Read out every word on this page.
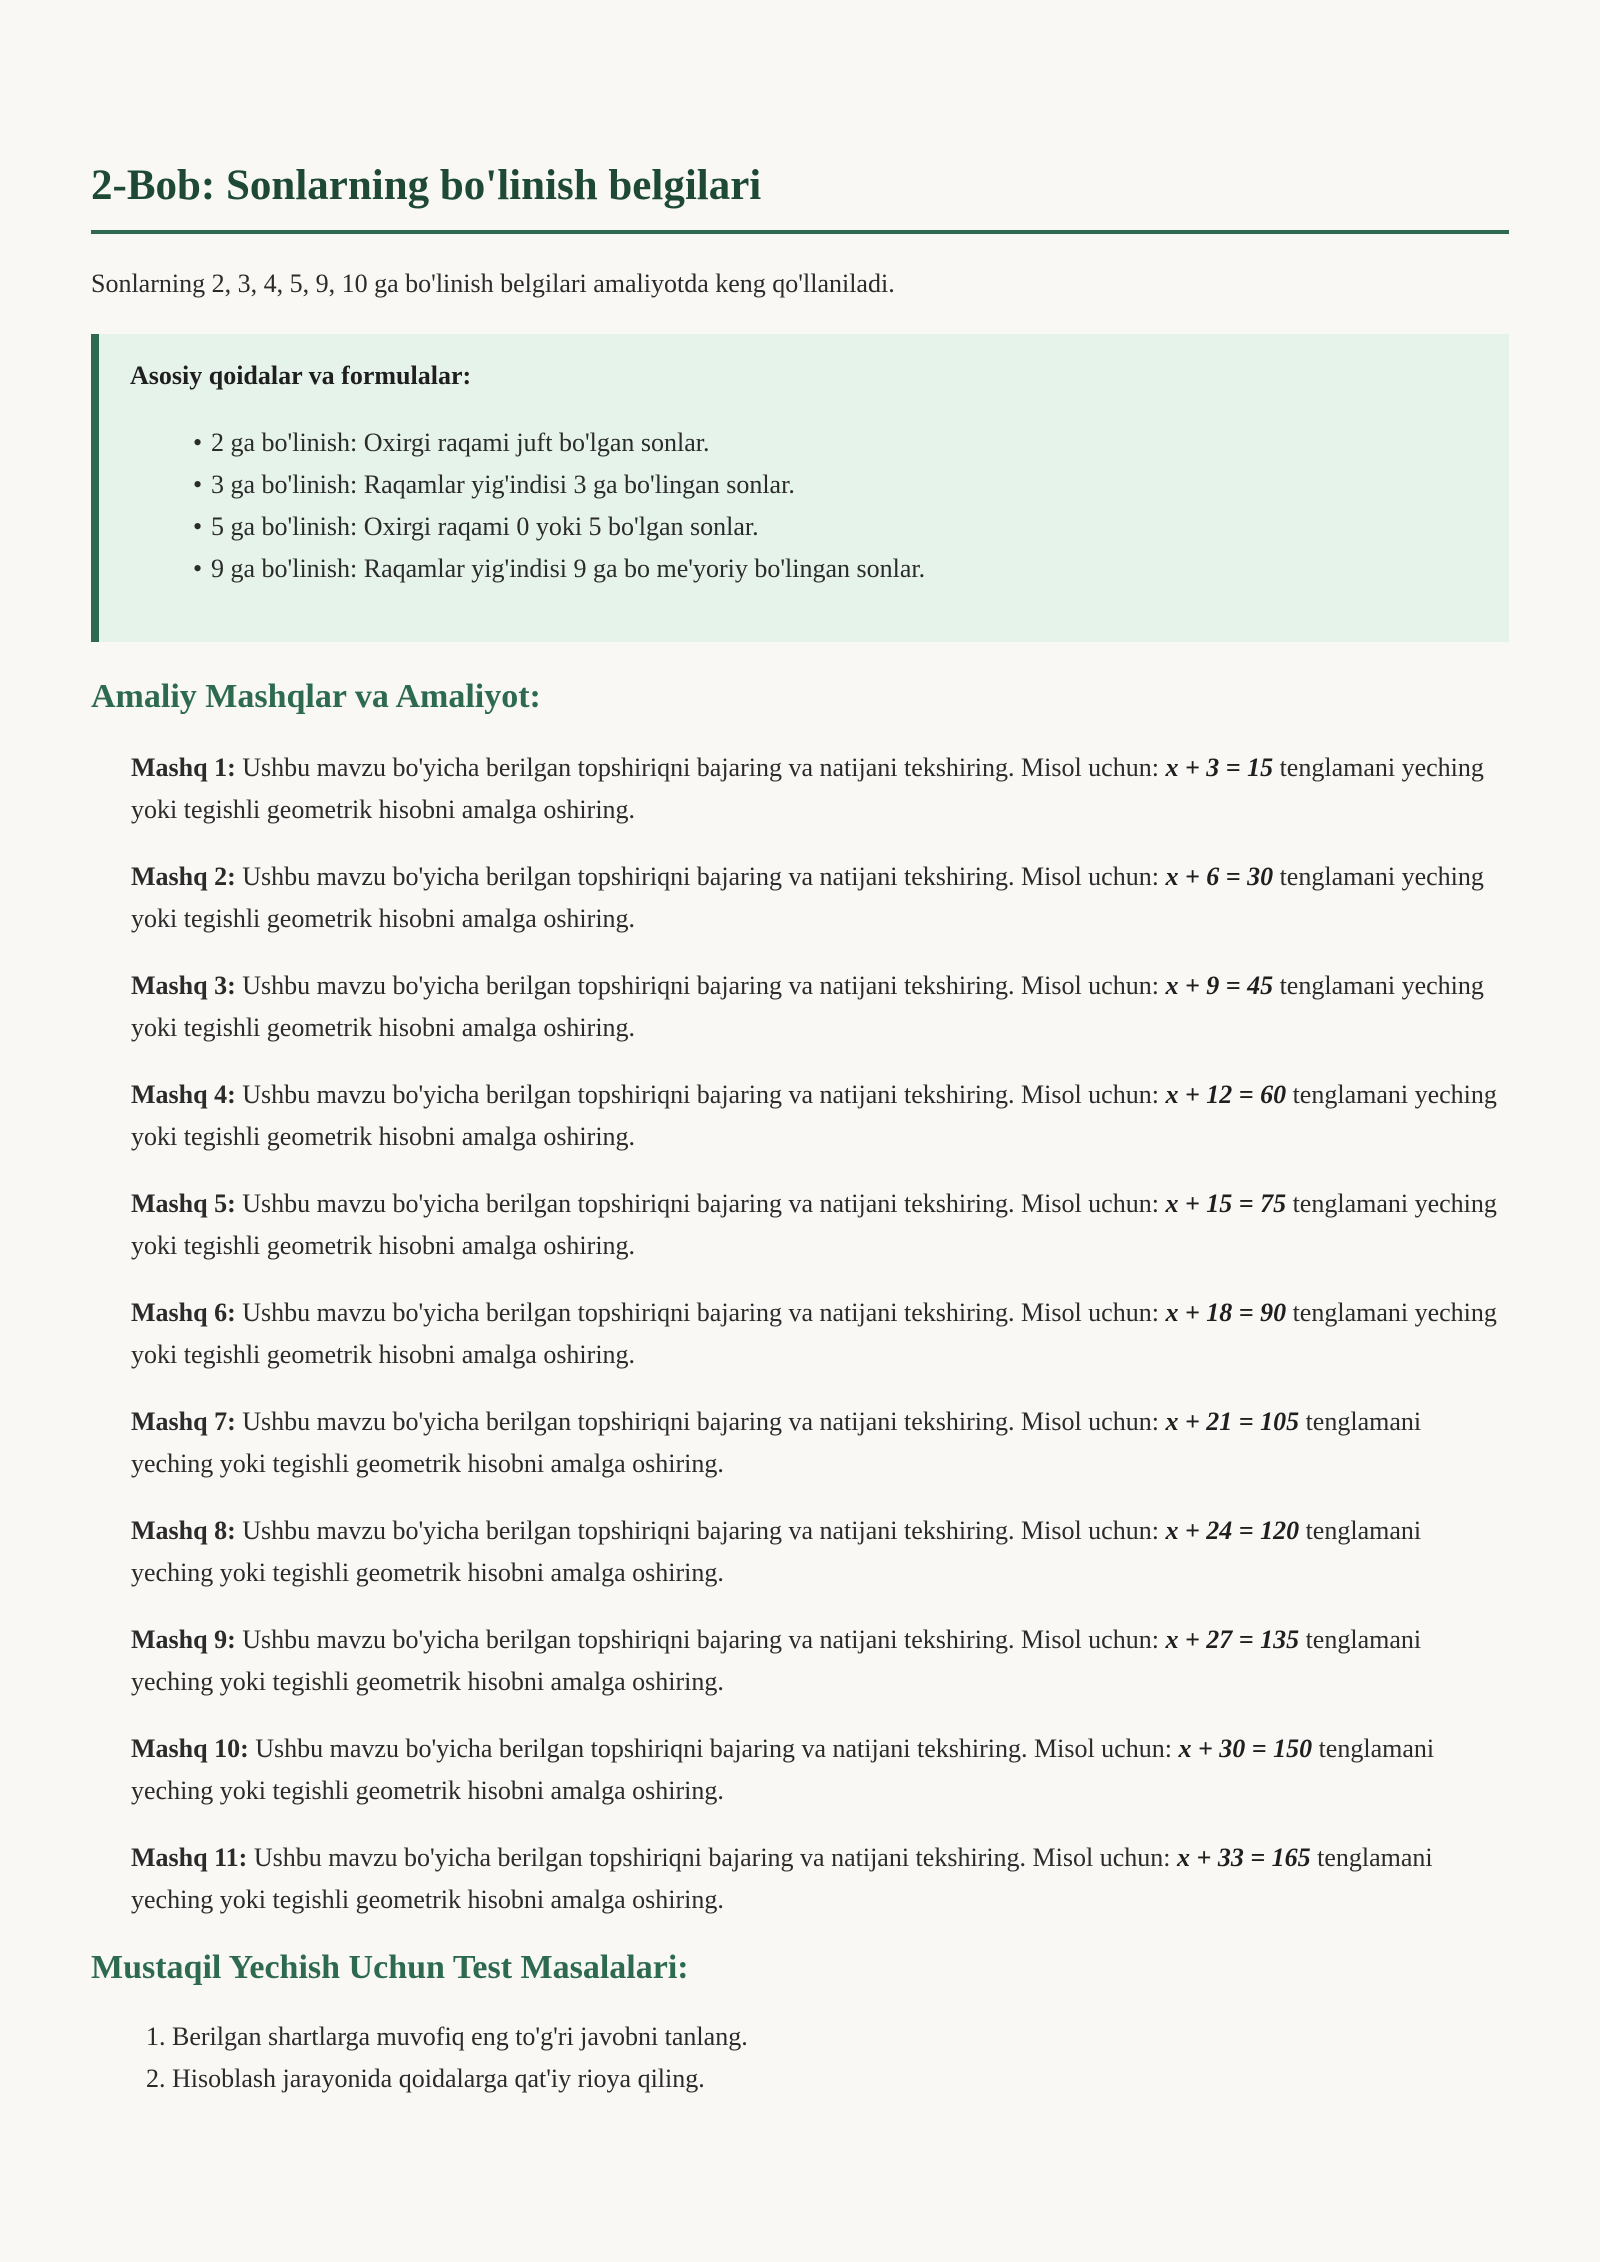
2-Bob: Sonlarning bo'linish belgilari

Sonlarning 2, 3, 4, 5, 9, 10 ga bo'linish belgilari amaliyotda keng qo'llaniladi.

Asosiy qoidalar va formulalar:

• 2 ga bo'linish: Oxirgi raqami juft bo'lgan sonlar.
• 3 ga bo'linish: Raqamlar yig'indisi 3 ga bo'lingan sonlar.
• 5 ga bo'linish: Oxirgi raqami 0 yoki 5 bo'lgan sonlar.
• 9 ga bo'linish: Raqamlar yig'indisi 9 ga bo me'yoriy bo'lingan sonlar.
Amaliy Mashqlar va Amaliyot:

Mashq 1: Ushbu mavzu bo'yicha berilgan topshiriqni bajaring va natijani tekshiring. Misol uchun: x + 3 = 15 tenglamani yeching yoki tegishli geometrik hisobni amalga oshiring.

Mashq 2: Ushbu mavzu bo'yicha berilgan topshiriqni bajaring va natijani tekshiring. Misol uchun: x + 6 = 30 tenglamani yeching yoki tegishli geometrik hisobni amalga oshiring.

Mashq 3: Ushbu mavzu bo'yicha berilgan topshiriqni bajaring va natijani tekshiring. Misol uchun: x + 9 = 45 tenglamani yeching yoki tegishli geometrik hisobni amalga oshiring.

Mashq 4: Ushbu mavzu bo'yicha berilgan topshiriqni bajaring va natijani tekshiring. Misol uchun: x + 12 = 60 tenglamani yeching yoki tegishli geometrik hisobni amalga oshiring.

Mashq 5: Ushbu mavzu bo'yicha berilgan topshiriqni bajaring va natijani tekshiring. Misol uchun: x + 15 = 75 tenglamani yeching yoki tegishli geometrik hisobni amalga oshiring.

Mashq 6: Ushbu mavzu bo'yicha berilgan topshiriqni bajaring va natijani tekshiring. Misol uchun: x + 18 = 90 tenglamani yeching yoki tegishli geometrik hisobni amalga oshiring.

Mashq 7: Ushbu mavzu bo'yicha berilgan topshiriqni bajaring va natijani tekshiring. Misol uchun: x + 21 = 105 tenglamani yeching yoki tegishli geometrik hisobni amalga oshiring.

Mashq 8: Ushbu mavzu bo'yicha berilgan topshiriqni bajaring va natijani tekshiring. Misol uchun: x + 24 = 120 tenglamani yeching yoki tegishli geometrik hisobni amalga oshiring.

Mashq 9: Ushbu mavzu bo'yicha berilgan topshiriqni bajaring va natijani tekshiring. Misol uchun: x + 27 = 135 tenglamani yeching yoki tegishli geometrik hisobni amalga oshiring.

Mashq 10: Ushbu mavzu bo'yicha berilgan topshiriqni bajaring va natijani tekshiring. Misol uchun: x + 30 = 150 tenglamani yeching yoki tegishli geometrik hisobni amalga oshiring.

Mashq 11: Ushbu mavzu bo'yicha berilgan topshiriqni bajaring va natijani tekshiring. Misol uchun: x + 33 = 165 tenglamani yeching yoki tegishli geometrik hisobni amalga oshiring.

Mustaqil Yechish Uchun Test Masalalari:
1. Berilgan shartlarga muvofiq eng to'g'ri javobni tanlang.
2. Hisoblash jarayonida qoidalarga qat'iy rioya qiling.
